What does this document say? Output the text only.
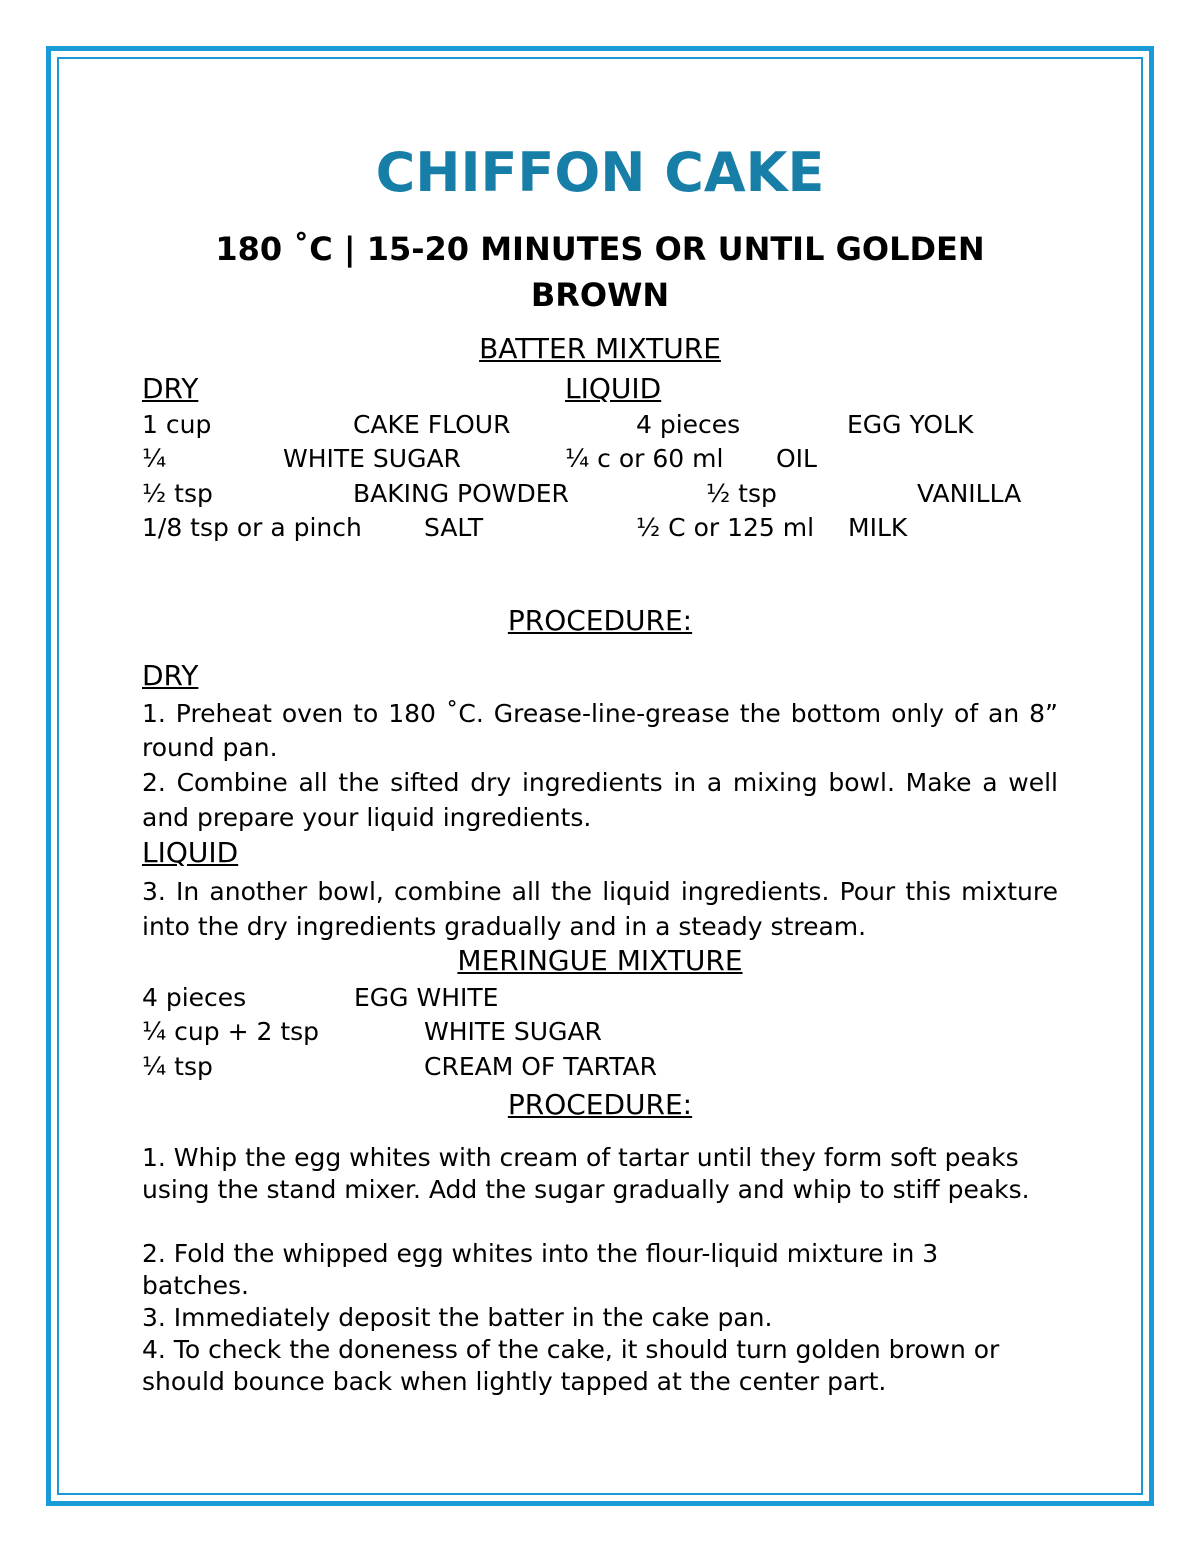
CHIFFON CAKE
180 ˚C | 15-20 MINUTES OR UNTIL GOLDEN
BROWN
BATTER MIXTURE
DRY	LIQUID
1 cup	CAKE FLOUR	4 pieces	EGG YOLK
¼	WHITE SUGAR	¼ c or 60 ml OIL
½ tsp	BAKING POWDER	½ tsp	VANILLA
1/8 tsp or a pinch SALT	½ C or 125 ml MILK
PROCEDURE:
DRY
1. Preheat oven to 180 ˚C. Grease-line-grease the bottom only of an 8” round pan.
2. Combine all the sifted dry ingredients in a mixing bowl. Make a well and prepare your liquid ingredients.
LIQUID
3. In another bowl, combine all the liquid ingredients. Pour this mixture into the dry ingredients gradually and in a steady stream.
MERINGUE MIXTURE
4 pieces	EGG WHITE
¼ cup + 2 tsp	WHITE SUGAR
¼ tsp	CREAM OF TARTAR
PROCEDURE:
1. Whip the egg whites with cream of tartar until they form soft peaks using the stand mixer. Add the sugar gradually and whip to stiff peaks.
2. Fold the whipped egg whites into the flour-liquid mixture in 3 batches.
3. Immediately deposit the batter in the cake pan.
4. To check the doneness of the cake, it should turn golden brown or should bounce back when lightly tapped at the center part.
